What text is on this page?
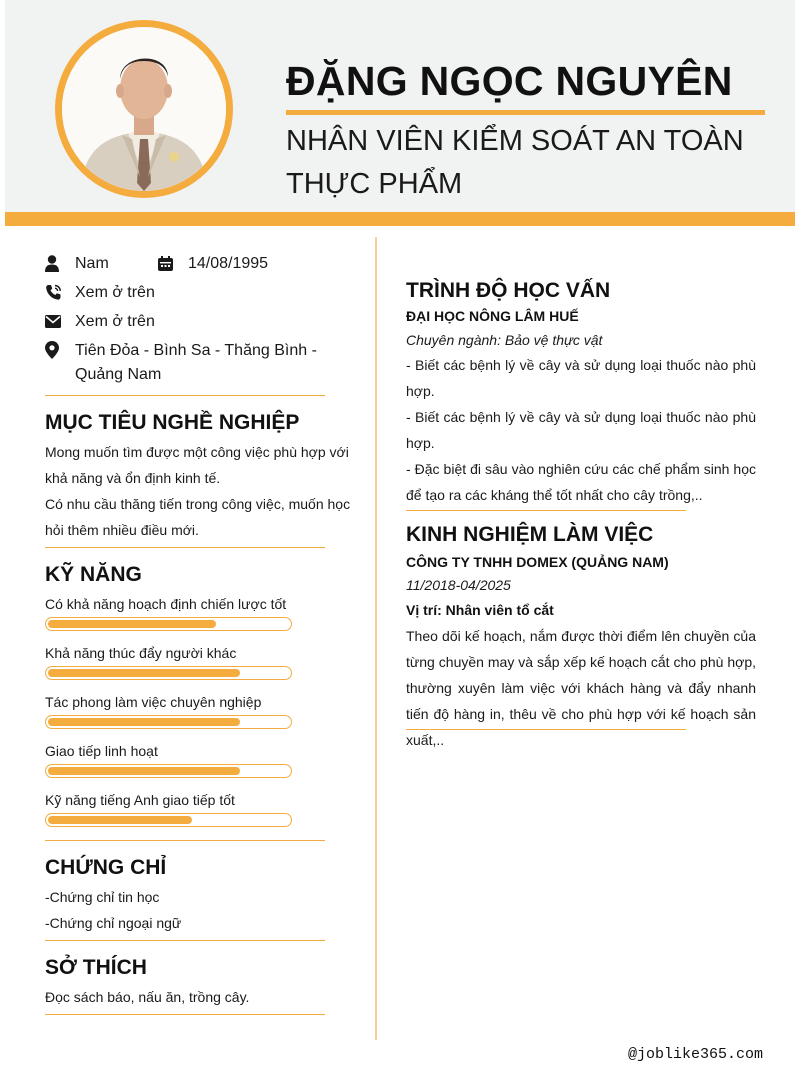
ĐẶNG NGỌC NGUYÊN
NHÂN VIÊN KIỂM SOÁT AN TOÀN THỰC PHẨM
Nam	14/08/1995
Xem ở trên
Xem ở trên
Tiên Đỏa - Bình Sa - Thăng Bình - Quảng Nam
MỤC TIÊU NGHỀ NGHIỆP
Mong muốn tìm được một công việc phù hợp với khả năng và ổn định kinh tế.
Có nhu cầu thăng tiến trong công việc, muốn học hỏi thêm nhiều điều mới.
KỸ NĂNG
Có khả năng hoạch định chiến lược tốt
Khả năng thúc đẩy người khác
Tác phong làm việc chuyên nghiệp
Giao tiếp linh hoạt
Kỹ năng tiếng Anh giao tiếp tốt
CHỨNG CHỈ
-Chứng chỉ tin học
-Chứng chỉ ngoại ngữ
SỞ THÍCH
Đọc sách báo, nấu ăn, trồng cây.
TRÌNH ĐỘ HỌC VẤN
ĐẠI HỌC NÔNG LÂM HUẾ
Chuyên ngành: Bảo vệ thực vật
- Biết các bệnh lý về cây và sử dụng loại thuốc nào phù hợp.
- Biết các bệnh lý về cây và sử dụng loại thuốc nào phù hợp.
- Đặc biệt đi sâu vào nghiên cứu các chế phẩm sinh học để tạo ra các kháng thể tốt nhất cho cây trồng,..
KINH NGHIỆM LÀM VIỆC
CÔNG TY TNHH DOMEX (QUẢNG NAM)
11/2018-04/2025
Vị trí: Nhân viên tổ cắt
Theo dõi kế hoạch, nắm được thời điểm lên chuyền của từng chuyền may và sắp xếp kế hoạch cắt cho phù hợp, thường xuyên làm việc với khách hàng và đẩy nhanh tiến độ hàng in, thêu về cho phù hợp với kế hoạch sản xuất,..
@joblike365.com
